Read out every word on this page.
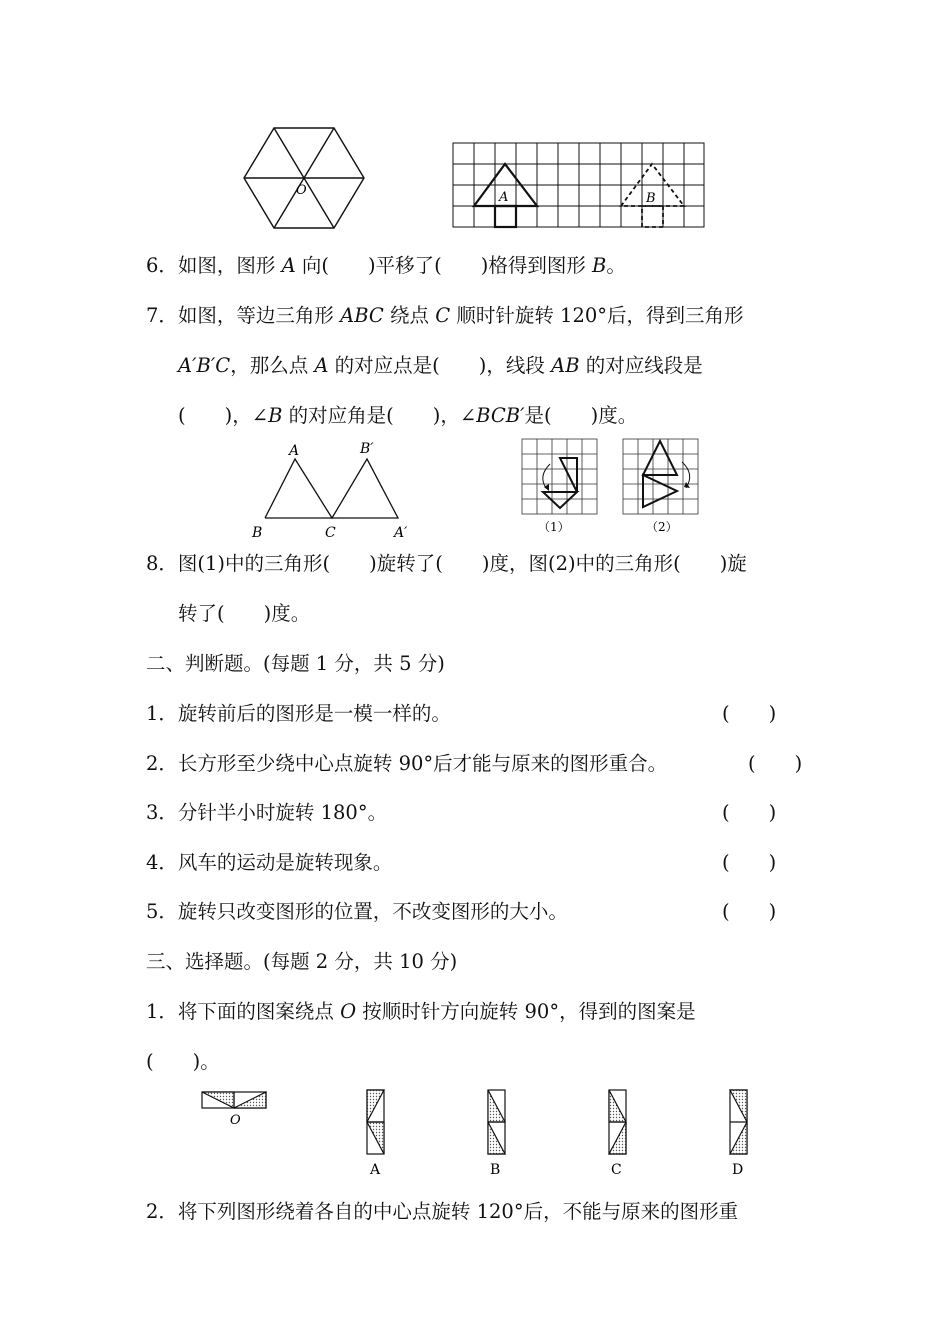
O	A	B
A	B′
B	C	A′	（1）	（2）
O
A	B	C	D
6．如图，图形 A 向(　　)平移了(　　)格得到图形 B。
7．如图，等边三角形 ABC 绕点 C 顺时针旋转 120°后，得到三角形
A′B′C，那么点 A 的对应点是(　　)，线段 AB 的对应线段是
(　　)，∠B 的对应角是(　　)，∠BCB′是(　　)度。
8．图(1)中的三角形(　　)旋转了(　　)度，图(2)中的三角形(　　)旋
转了(　　)度。
二、判断题。(每题 1 分，共 5 分)
1．旋转前后的图形是一模一样的。	(　　)
2．长方形至少绕中心点旋转 90°后才能与原来的图形重合。	(　　)
3．分针半小时旋转 180°。	(　　)
4．风车的运动是旋转现象。	(　　)
5．旋转只改变图形的位置，不改变图形的大小。	(　　)
三、选择题。(每题 2 分，共 10 分)
1．将下面的图案绕点 O 按顺时针方向旋转 90°，得到的图案是
(　　)。
2．将下列图形绕着各自的中心点旋转 120°后，不能与原来的图形重
